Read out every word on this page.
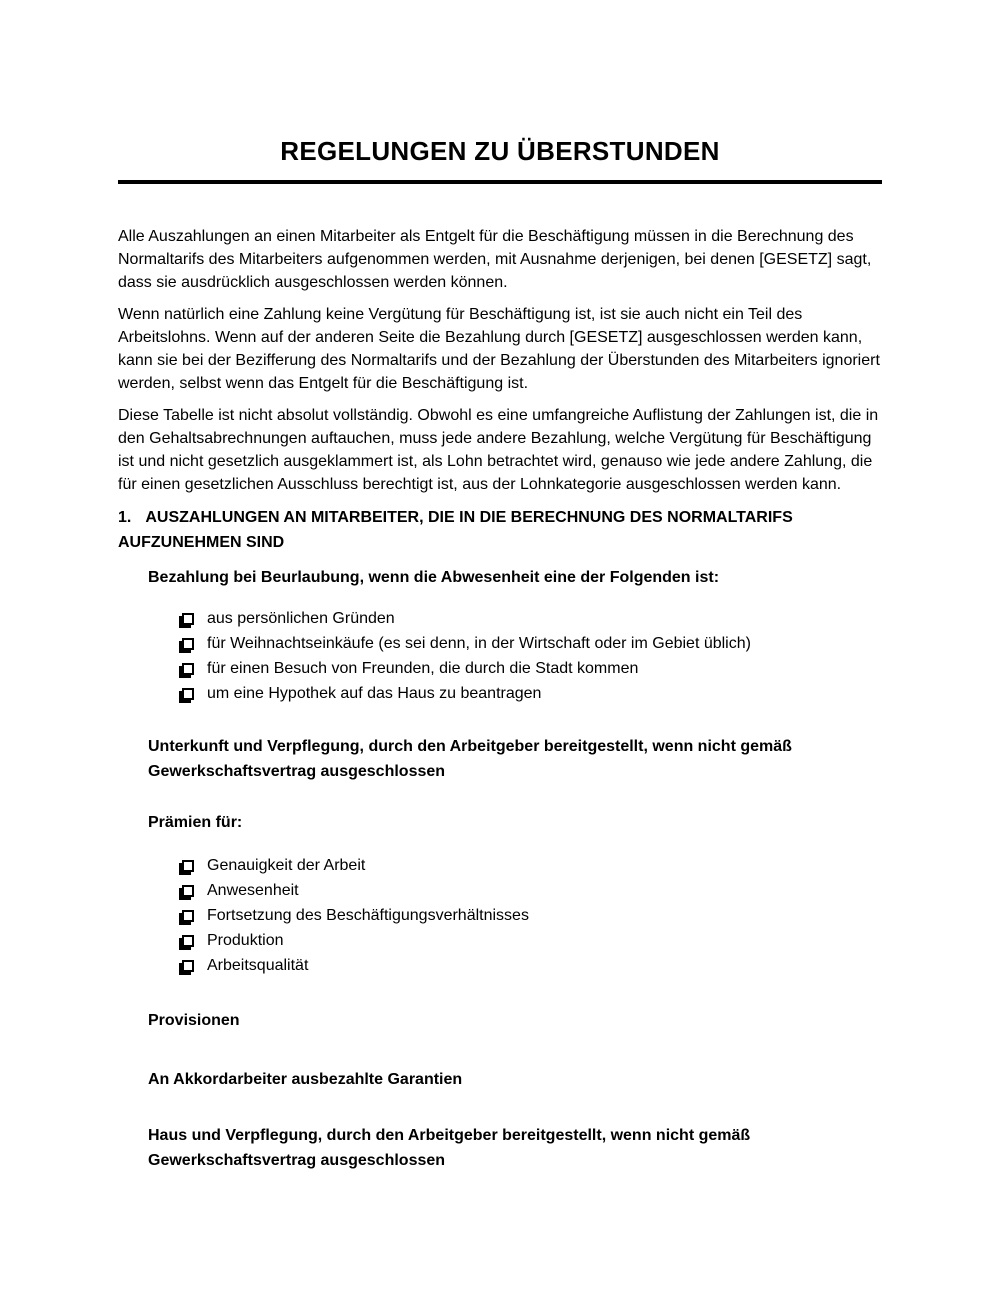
REGELUNGEN ZU ÜBERSTUNDEN

Alle Auszahlungen an einen Mitarbeiter als Entgelt für die Beschäftigung müssen in die Berechnung des Normaltarifs des Mitarbeiters aufgenommen werden, mit Ausnahme derjenigen, bei denen [GESETZ] sagt, dass sie ausdrücklich ausgeschlossen werden können.

Wenn natürlich eine Zahlung keine Vergütung für Beschäftigung ist, ist sie auch nicht ein Teil des Arbeitslohns. Wenn auf der anderen Seite die Bezahlung durch [GESETZ] ausgeschlossen werden kann, kann sie bei der Bezifferung des Normaltarifs und der Bezahlung der Überstunden des Mitarbeiters ignoriert werden, selbst wenn das Entgelt für die Beschäftigung ist.

Diese Tabelle ist nicht absolut vollständig. Obwohl es eine umfangreiche Auflistung der Zahlungen ist, die in den Gehaltsabrechnungen auftauchen, muss jede andere Bezahlung, welche Vergütung für Beschäftigung ist und nicht gesetzlich ausgeklammert ist, als Lohn betrachtet wird, genauso wie jede andere Zahlung, die für einen gesetzlichen Ausschluss berechtigt ist, aus der Lohnkategorie ausgeschlossen werden kann.

1. AUSZAHLUNGEN AN MITARBEITER, DIE IN DIE BERECHNUNG DES NORMALTARIFS AUFZUNEHMEN SIND

Bezahlung bei Beurlaubung, wenn die Abwesenheit eine der Folgenden ist:

aus persönlichen Gründen
für Weihnachtseinkäufe (es sei denn, in der Wirtschaft oder im Gebiet üblich)
für einen Besuch von Freunden, die durch die Stadt kommen
um eine Hypothek auf das Haus zu beantragen

Unterkunft und Verpflegung, durch den Arbeitgeber bereitgestellt, wenn nicht gemäß Gewerkschaftsvertrag ausgeschlossen

Prämien für:

Genauigkeit der Arbeit
Anwesenheit
Fortsetzung des Beschäftigungsverhältnisses
Produktion
Arbeitsqualität

Provisionen

An Akkordarbeiter ausbezahlte Garantien

Haus und Verpflegung, durch den Arbeitgeber bereitgestellt, wenn nicht gemäß Gewerkschaftsvertrag ausgeschlossen
